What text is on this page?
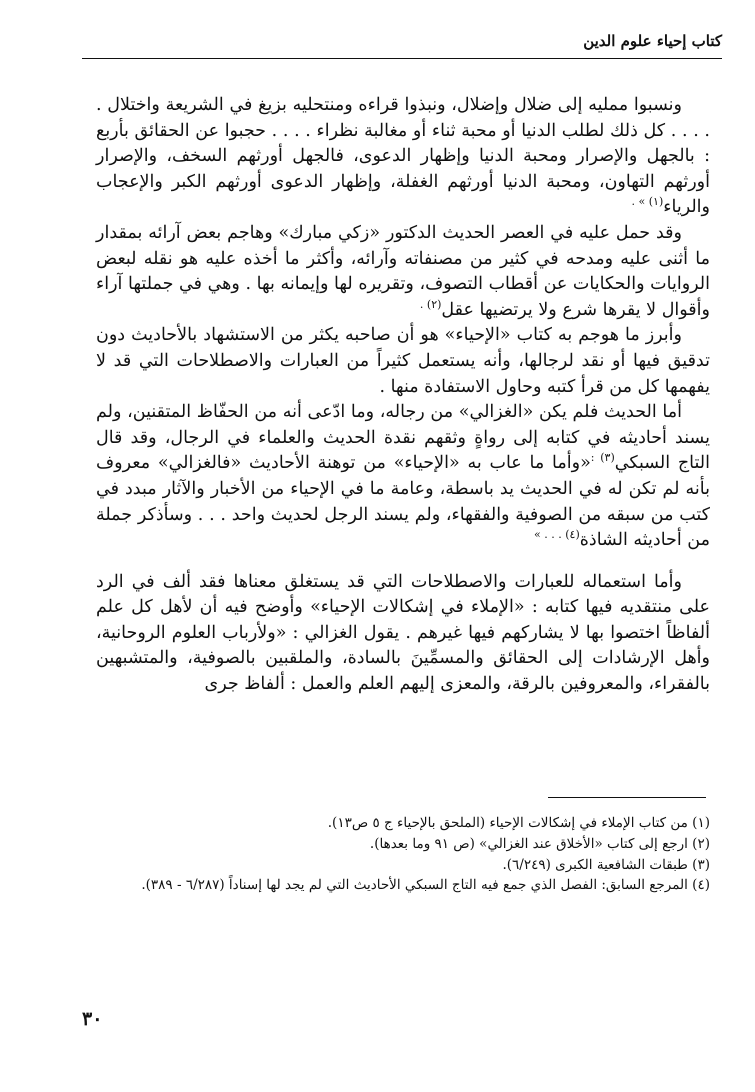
كتاب إحياء علوم الدين

ونسبوا ممليه إلى ضلال وإضلال، ونبذوا قراءه ومنتحليه بزيغ في الشريعة واختلال . . . . . كل ذلك لطلب الدنيا أو محبة ثناء أو مغالبة نظراء . . . . حجبوا عن الحقائق بأربع : بالجهل والإصرار ومحبة الدنيا وإظهار الدعوى، فالجهل أورثهم السخف، والإصرار أورثهم التهاون، ومحبة الدنيا أورثهم الغفلة، وإظهار الدعوى أورثهم الكبر والإعجاب والرياء$^{(١) » .}$

وقد حمل عليه في العصر الحديث الدكتور «زكي مبارك» وهاجم بعض آرائه بمقدار ما أثنى عليه ومدحه في كثير من مصنفاته وآرائه، وأكثر ما أخذه عليه هو نقله لبعض الروايات والحكايات عن أقطاب التصوف، وتقريره لها وإيمانه بها . وهي في جملتها آراء وأقوال لا يقرها شرع ولا يرتضيها عقل$^{(٢) .}$

وأبرز ما هوجم به كتاب «الإحياء» هو أن صاحبه يكثر من الاستشهاد بالأحاديث دون تدقيق فيها أو نقد لرجالها، وأنه يستعمل كثيراً من العبارات والاصطلاحات التي قد لا يفهمها كل من قرأ كتبه وحاول الاستفادة منها .

أما الحديث فلم يكن «الغزالي» من رجاله، وما ادّعى أنه من الحفّاظ المتقنين، ولم يسند أحاديثه في كتابه إلى رواةٍ وثقهم نقدة الحديث والعلماء في الرجال، وقد قال التاج السبكي$^{(٣) :}$«وأما ما عاب به «الإحياء» من توهنة الأحاديث «فالغزالي» معروف بأنه لم تكن له في الحديث يد باسطة، وعامة ما في الإحياء من الأخبار والآثار مبدد في كتب من سبقه من الصوفية والفقهاء، ولم يسند الرجل لحديث واحد . . . وسأذكر جملة من أحاديثه الشاذة$^{(٤) . . . »}$

وأما استعماله للعبارات والاصطلاحات التي قد يستغلق معناها فقد ألف في الرد على منتقديه فيها كتابه : «الإملاء في إشكالات الإحياء» وأوضح فيه أن لأهل كل علم ألفاظاً اختصوا بها لا يشاركهم فيها غيرهم . يقول الغزالي : «ولأرباب العلوم الروحانية، وأهل الإرشادات إلى الحقائق والمسمِّينَ بالسادة، والملقبين بالصوفية، والمتشبهين بالفقراء، والمعروفين بالرقة، والمعزى إليهم العلم والعمل : ألفاظ جرى

(١) من كتاب الإملاء في إشكالات الإحياء (الملحق بالإحياء ج ٥ ص١٣).

(٢) ارجع إلى كتاب «الأخلاق عند الغزالي» (ص ٩١ وما بعدها).

(٣) طبقات الشافعية الكبرى (٦/٢٤٩).

(٤) المرجع السابق: الفصل الذي جمع فيه التاج السبكي الأحاديث التي لم يجد لها إسناداً (٦/٢٨٧ - ٣٨٩).

٣٠
